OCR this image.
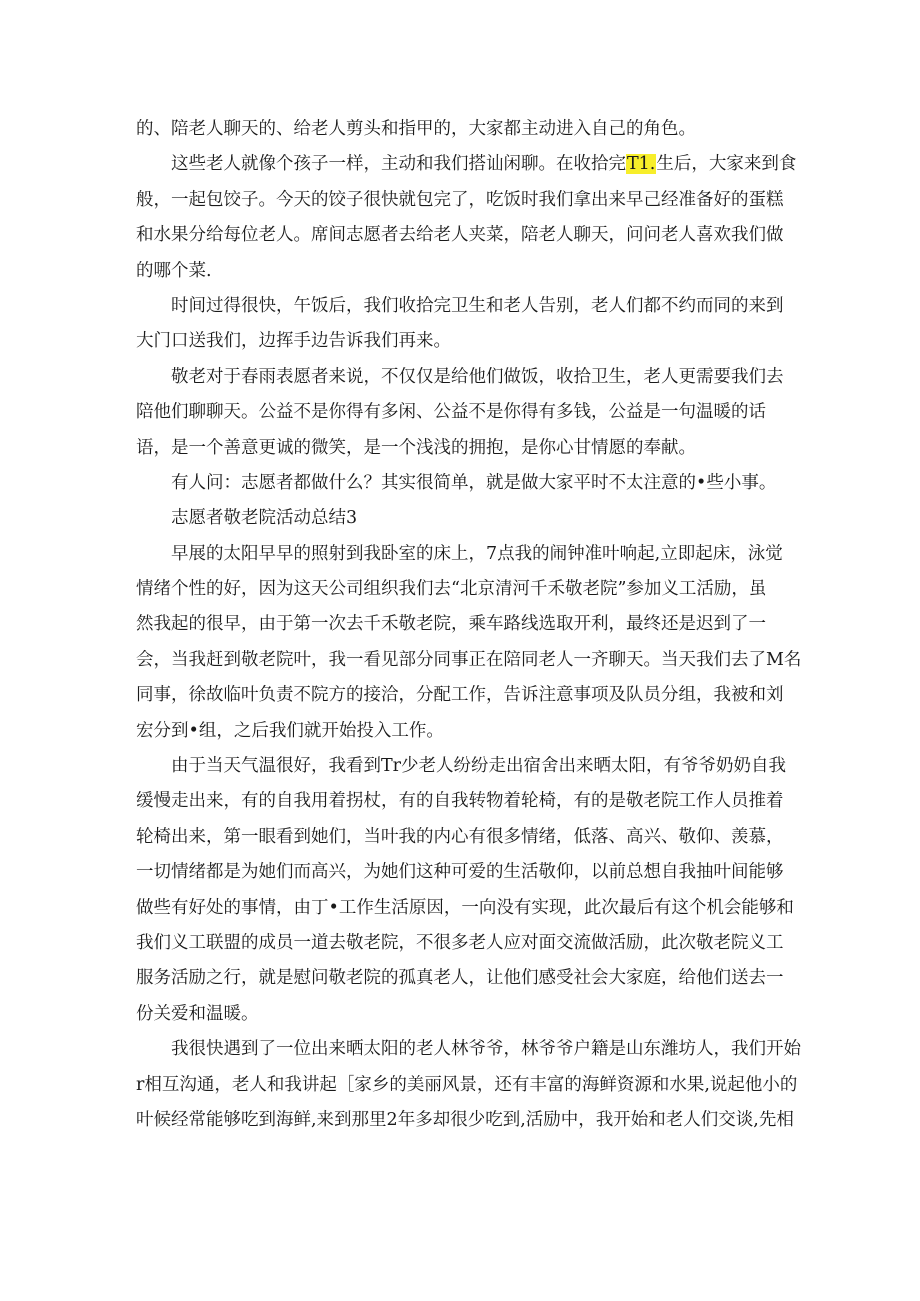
的、陪老人聊天的、给老人剪头和指甲的，大家都主动进入自己的角色。
这些老人就像个孩子一样，主动和我们搭讪闲聊。在收拾完T1.生后，大家来到食
般，一起包饺子。今天的饺子很快就包完了，吃饭时我们拿出来早己经准备好的蛋糕
和水果分给每位老人。席间志愿者去给老人夹菜，陪老人聊天，问问老人喜欢我们做
的哪个菜.
时间过得很快，午饭后，我们收拾完卫生和老人告别，老人们都不约而同的来到
大门口送我们，边挥手边告诉我们再来。
敬老对于春雨表愿者来说，不仅仅是给他们做饭，收拾卫生，老人更需要我们去
陪他们聊聊天。公益不是你得有多闲、公益不是你得有多钱，公益是一句温暖的话
语，是一个善意更诚的微笑，是一个浅浅的拥抱，是你心甘情愿的奉献。
有人问：志愿者都做什么？其实很简单，就是做大家平时不太注意的•些小事。
志愿者敬老院活动总结3
早展的太阳早早的照射到我卧室的床上，7点我的闹钟准叶响起,立即起床，泳觉
情绪个性的好，因为这天公司组织我们去“北京清河千禾敬老院”参加义工活励，虽
然我起的很早，由于第一次去千禾敬老院，乘车路线选取开利，最终还是迟到了一
会，当我赶到敬老院叶，我一看见部分同事正在陪同老人一齐聊天。当天我们去了M名
同事，徐故临叶负责不院方的接洽，分配工作，告诉注意事项及队员分组，我被和刘
宏分到•组，之后我们就开始投入工作。
由于当天气温很好，我看到Tr少老人纷纷走出宿舍出来晒太阳，有爷爷奶奶自我
缓慢走出来，有的自我用着拐杖，有的自我转物着轮椅，有的是敬老院工作人员推着
轮椅出来，第一眼看到她们，当叶我的内心有很多情绪，低落、高兴、敬仰、羡慕，
一切情绪都是为她们而高兴，为她们这种可爱的生活敬仰，以前总想自我抽叶间能够
做些有好处的事情，由丁•工作生活原因，一向没有实现，此次最后有这个机会能够和
我们义工联盟的成员一道去敬老院，不很多老人应对面交流做活励，此次敬老院义工
服务活励之行，就是慰问敬老院的孤真老人，让他们感受社会大家庭，给他们送去一
份关爱和温暖。
我很快遇到了一位出来晒太阳的老人林爷爷，林爷爷户籍是山东潍坊人，我们开始
r相互沟通，老人和我讲起［家乡的美丽风景，还有丰富的海鲜资源和水果,说起他小的
叶候经常能够吃到海鲜,来到那里2年多却很少吃到,活励中，我开始和老人们交谈,先相
